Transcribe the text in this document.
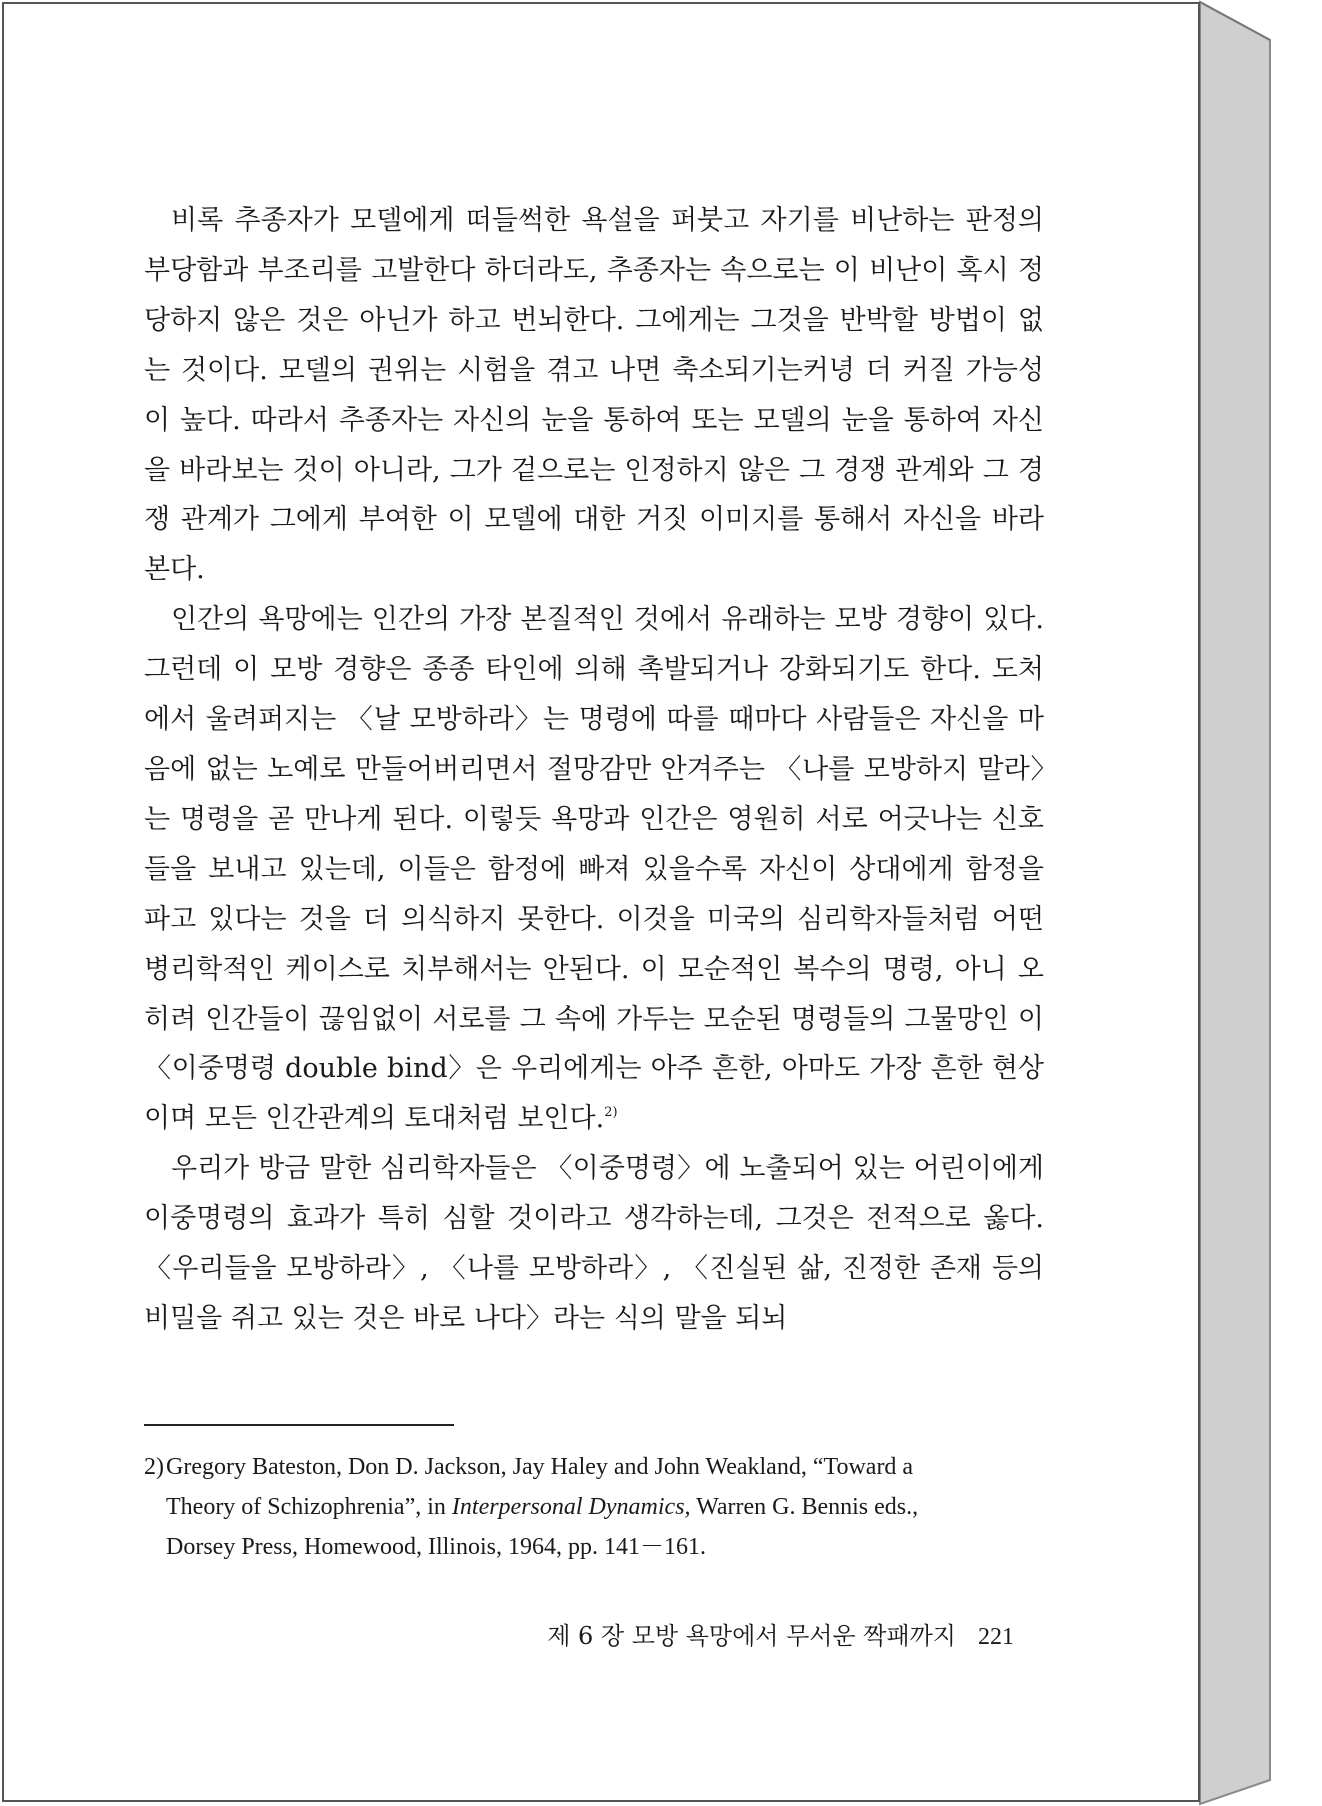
비록 추종자가 모델에게 떠들썩한 욕설을 퍼붓고 자기를 비난하는 판정의 부당함과 부조리를 고발한다 하더라도, 추종자는 속으로는 이 비난이 혹시 정당하지 않은 것은 아닌가 하고 번뇌한다. 그에게는 그것을 반박할 방법이 없는 것이다. 모델의 권위는 시험을 겪고 나면 축소되기는커녕 더 커질 가능성이 높다. 따라서 추종자는 자신의 눈을 통하여 또는 모델의 눈을 통하여 자신을 바라보는 것이 아니라, 그가 겉으로는 인정하지 않은 그 경쟁 관계와 그 경쟁 관계가 그에게 부여한 이 모델에 대한 거짓 이미지를 통해서 자신을 바라본다.

인간의 욕망에는 인간의 가장 본질적인 것에서 유래하는 모방 경향이 있다. 그런데 이 모방 경향은 종종 타인에 의해 촉발되거나 강화되기도 한다. 도처에서 울려퍼지는 〈날 모방하라〉는 명령에 따를 때마다 사람들은 자신을 마음에 없는 노예로 만들어버리면서 절망감만 안겨주는 〈나를 모방하지 말라〉는 명령을 곧 만나게 된다. 이렇듯 욕망과 인간은 영원히 서로 어긋나는 신호들을 보내고 있는데, 이들은 함정에 빠져 있을수록 자신이 상대에게 함정을 파고 있다는 것을 더 의식하지 못한다. 이것을 미국의 심리학자들처럼 어떤 병리학적인 케이스로 치부해서는 안된다. 이 모순적인 복수의 명령, 아니 오히려 인간들이 끊임없이 서로를 그 속에 가두는 모순된 명령들의 그물망인 이 〈이중명령 double bind〉은 우리에게는 아주 흔한, 아마도 가장 흔한 현상이며 모든 인간관계의 토대처럼 보인다.$^{2)}$

우리가 방금 말한 심리학자들은 〈이중명령〉에 노출되어 있는 어린이에게 이중명령의 효과가 특히 심할 것이라고 생각하는데, 그것은 전적으로 옳다. 〈우리들을 모방하라〉, 〈나를 모방하라〉, 〈진실된 삶, 진정한 존재 등의 비밀을 쥐고 있는 것은 바로 나다〉라는 식의 말을 되뇌

2)Gregory Bateston, Don D. Jackson, Jay Haley and John Weakland, “Toward a
Theory of Schizophrenia”, in Interpersonal Dynamics, Warren G. Bennis eds.,
Dorsey Press, Homewood, Illinois, 1964, pp. 141－161.
제 6 장 모방 욕망에서 무서운 짝패까지 221
